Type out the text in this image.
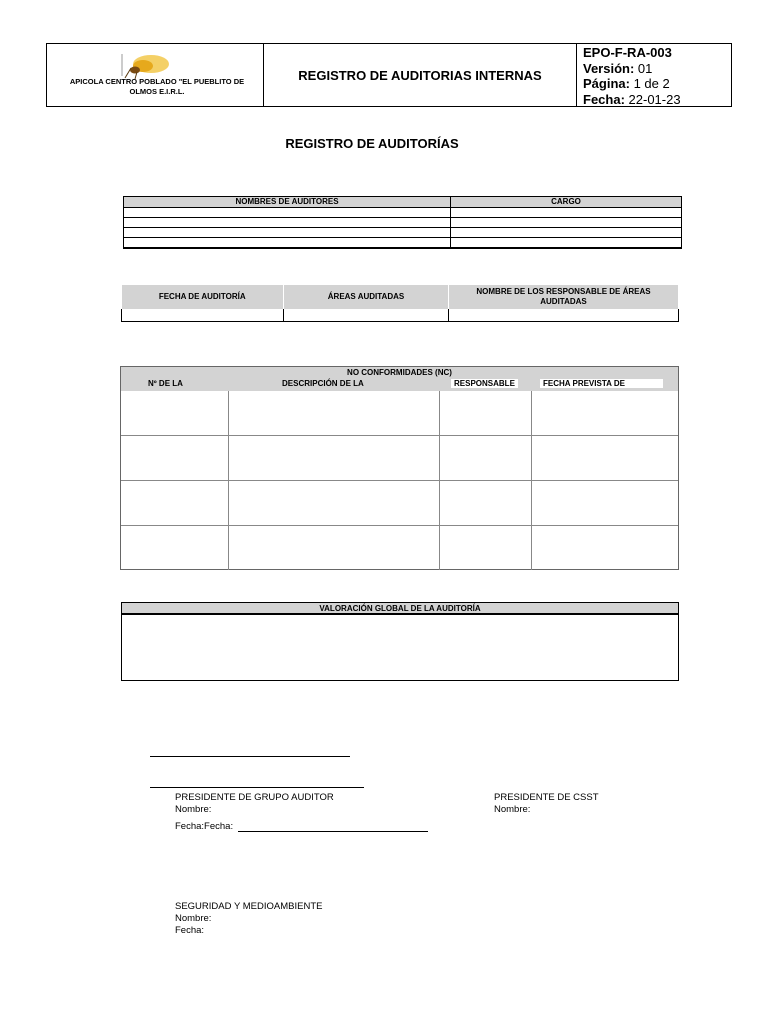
APICOLA CENTRO POBLADO "EL PUEBLITO DE OLMOS E.I.R.L.
REGISTRO DE AUDITORIAS INTERNAS
EPO-F-RA-003
Versión: 01
Página: 1 de 2
Fecha: 22-01-23
REGISTRO DE AUDITORÍAS
NOMBRES DE AUDITORES	CARGO

FECHA DE AUDITORÍA	ÁREAS AUDITADAS	NOMBRE DE LOS RESPONSABLE DE ÁREAS AUDITADAS

NO CONFORMIDADES (NC)
Nº DE LA	DESCRIPCIÓN DE LA	RESPONSABLE	FECHA PREVISTA DE
VALORACIÓN GLOBAL DE LA AUDITORÍA
PRESIDENTE DE GRUPO AUDITOR
Nombre:
PRESIDENTE DE CSST
Nombre:
Fecha:Fecha:
SEGURIDAD Y MEDIOAMBIENTE
Nombre:
Fecha:
